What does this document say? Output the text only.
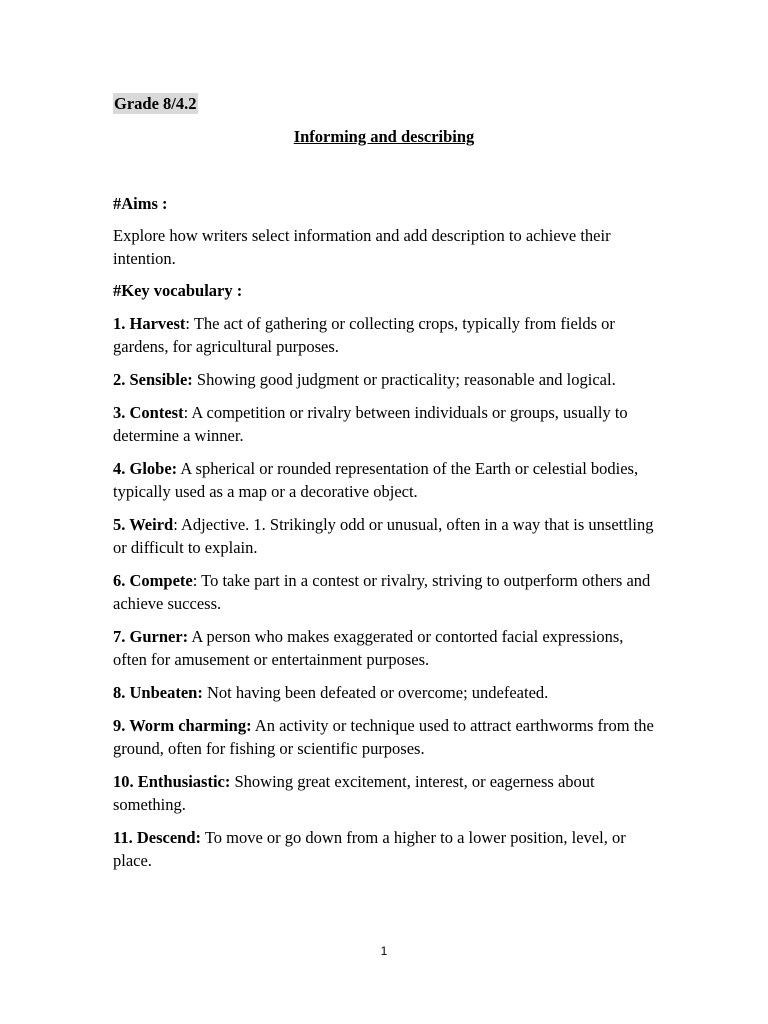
Grade 8/4.2
Informing and describing

#Aims :

Explore how writers select information and add description to achieve their intention.

#Key vocabulary :

1. Harvest: The act of gathering or collecting crops, typically from fields or gardens, for agricultural purposes.

2. Sensible: Showing good judgment or practicality; reasonable and logical.

3. Contest: A competition or rivalry between individuals or groups, usually to determine a winner.

4. Globe: A spherical or rounded representation of the Earth or celestial bodies, typically used as a map or a decorative object.

5. Weird: Adjective. 1. Strikingly odd or unusual, often in a way that is unsettling or difficult to explain.

6. Compete: To take part in a contest or rivalry, striving to outperform others and achieve success.

7. Gurner: A person who makes exaggerated or contorted facial expressions, often for amusement or entertainment purposes.

8. Unbeaten: Not having been defeated or overcome; undefeated.

9. Worm charming: An activity or technique used to attract earthworms from the ground, often for fishing or scientific purposes.

10. Enthusiastic: Showing great excitement, interest, or eagerness about something.

11. Descend: To move or go down from a higher to a lower position, level, or place.

1
